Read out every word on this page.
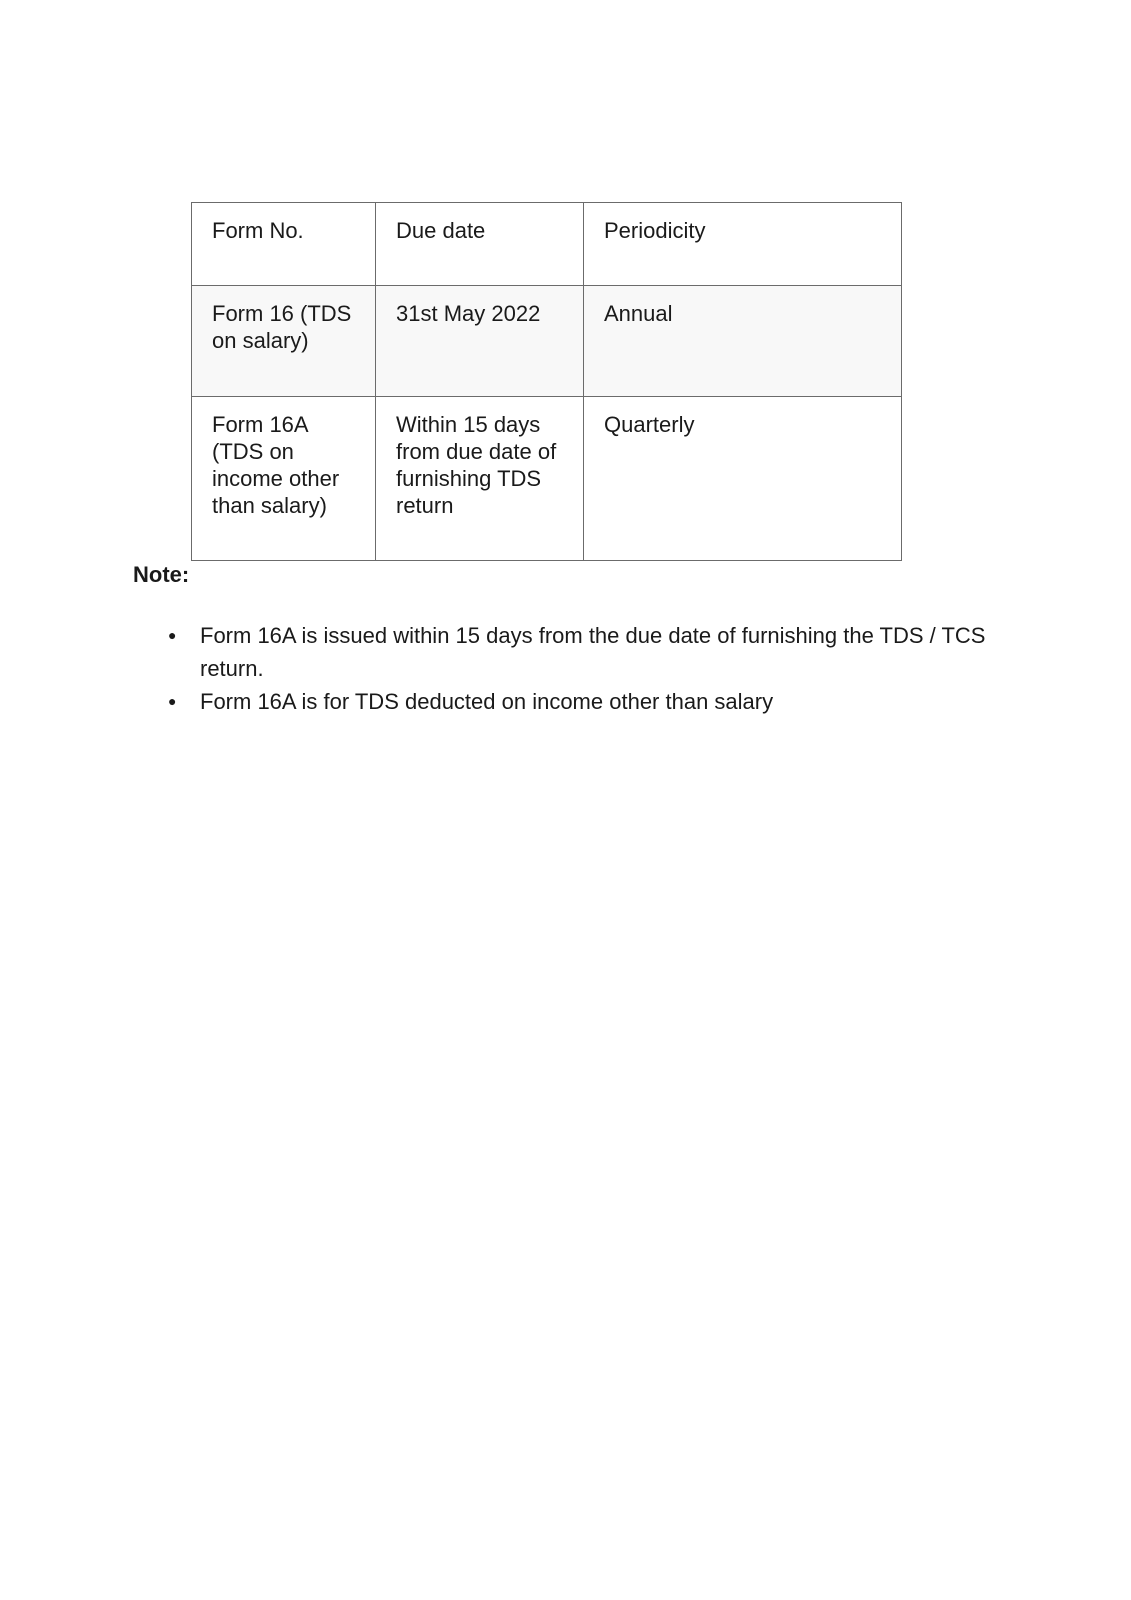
Form No.	Due date	Periodicity
Form 16 (TDS on salary)	31st May 2022	Annual
Form 16A (TDS on income other than salary)	Within 15 days from due date of furnishing TDS return	Quarterly

Note:

● Form 16A is issued within 15 days from the due date of furnishing the TDS / TCS return.
● Form 16A is for TDS deducted on income other than salary
